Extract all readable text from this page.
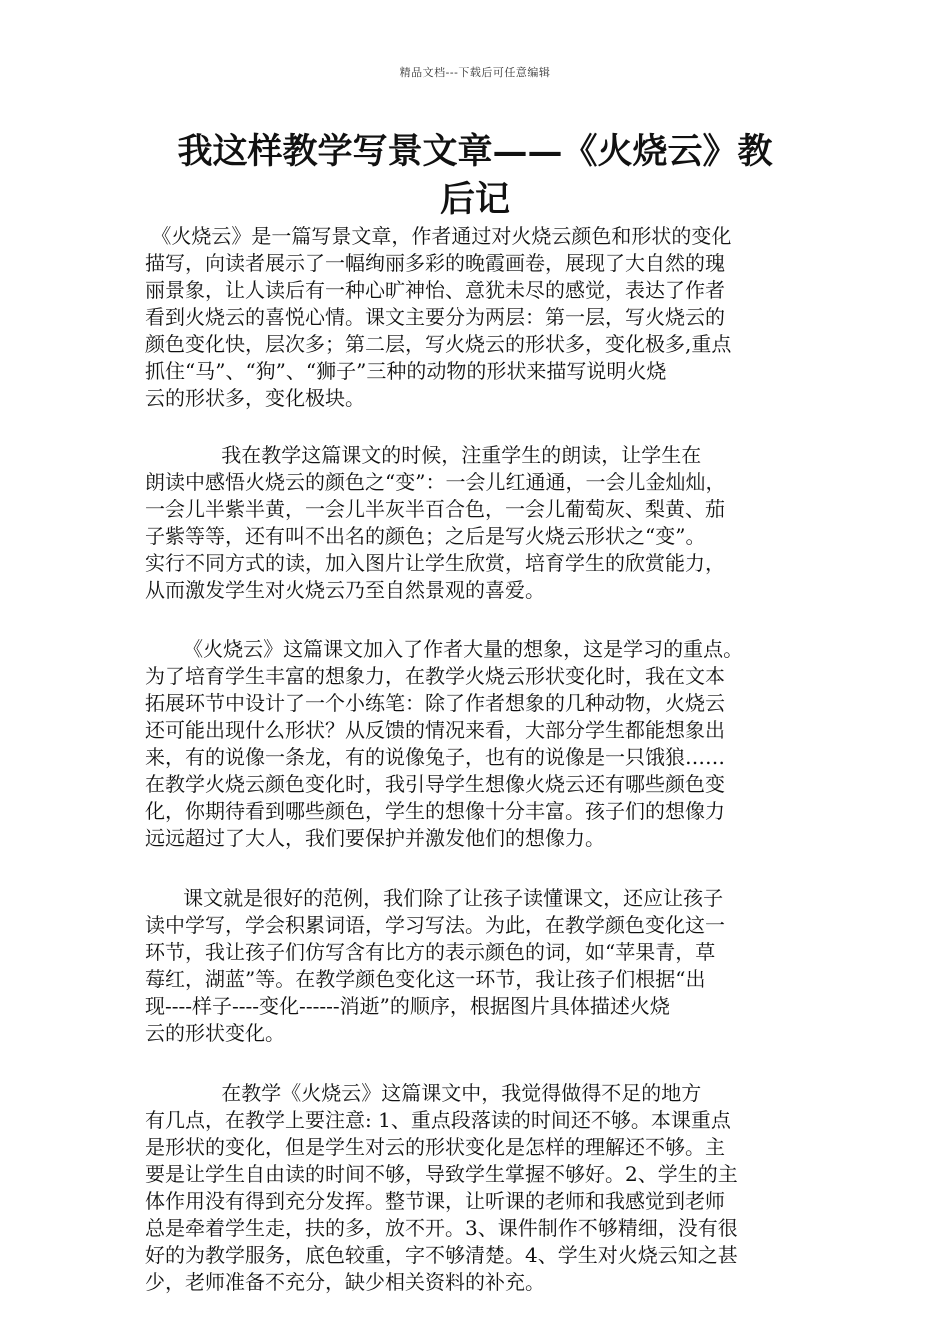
精品文档---下载后可任意编辑
我这样教学写景文章——《火烧云》教
后记

《火烧云》是一篇写景文章，作者通过对火烧云颜色和形状的变化
描写，向读者展示了一幅绚丽多彩的晚霞画卷，展现了大自然的瑰
丽景象，让人读后有一种心旷神怡、意犹未尽的感觉，表达了作者
看到火烧云的喜悦心情。课文主要分为两层：第一层，写火烧云的
颜色变化快，层次多；第二层，写火烧云的形状多，变化极多,重点
抓住“马”、“狗”、“狮子”三种的动物的形状来描写说明火烧
云的形状多，变化极块。

我在教学这篇课文的时候，注重学生的朗读，让学生在
朗读中感悟火烧云的颜色之“变”：一会儿红通通，一会儿金灿灿，
一会儿半紫半黄，一会儿半灰半百合色，一会儿葡萄灰、梨黄、茄
子紫等等，还有叫不出名的颜色；之后是写火烧云形状之“变”。
实行不同方式的读，加入图片让学生欣赏，培育学生的欣赏能力，
从而激发学生对火烧云乃至自然景观的喜爱。

《火烧云》这篇课文加入了作者大量的想象，这是学习的重点。
为了培育学生丰富的想象力，在教学火烧云形状变化时，我在文本
拓展环节中设计了一个小练笔：除了作者想象的几种动物，火烧云
还可能出现什么形状？从反馈的情况来看，大部分学生都能想象出
来，有的说像一条龙，有的说像兔子，也有的说像是一只饿狼……
在教学火烧云颜色变化时，我引导学生想像火烧云还有哪些颜色变
化，你期待看到哪些颜色，学生的想像十分丰富。孩子们的想像力
远远超过了大人，我们要保护并激发他们的想像力。

课文就是很好的范例，我们除了让孩子读懂课文，还应让孩子
读中学写，学会积累词语，学习写法。为此，在教学颜色变化这一
环节，我让孩子们仿写含有比方的表示颜色的词，如“苹果青，草
莓红，湖蓝”等。在教学颜色变化这一环节，我让孩子们根据“出
现----样子----变化------消逝”的顺序，根据图片具体描述火烧
云的形状变化。

在教学《火烧云》这篇课文中，我觉得做得不足的地方
有几点，在教学上要注意: 1、重点段落读的时间还不够。本课重点
是形状的变化，但是学生对云的形状变化是怎样的理解还不够。主
要是让学生自由读的时间不够，导致学生掌握不够好。2、学生的主
体作用没有得到充分发挥。整节课，让听课的老师和我感觉到老师
总是牵着学生走，扶的多，放不开。3、课件制作不够精细，没有很
好的为教学服务，底色较重，字不够清楚。4、学生对火烧云知之甚
少，老师准备不充分，缺少相关资料的补充。
